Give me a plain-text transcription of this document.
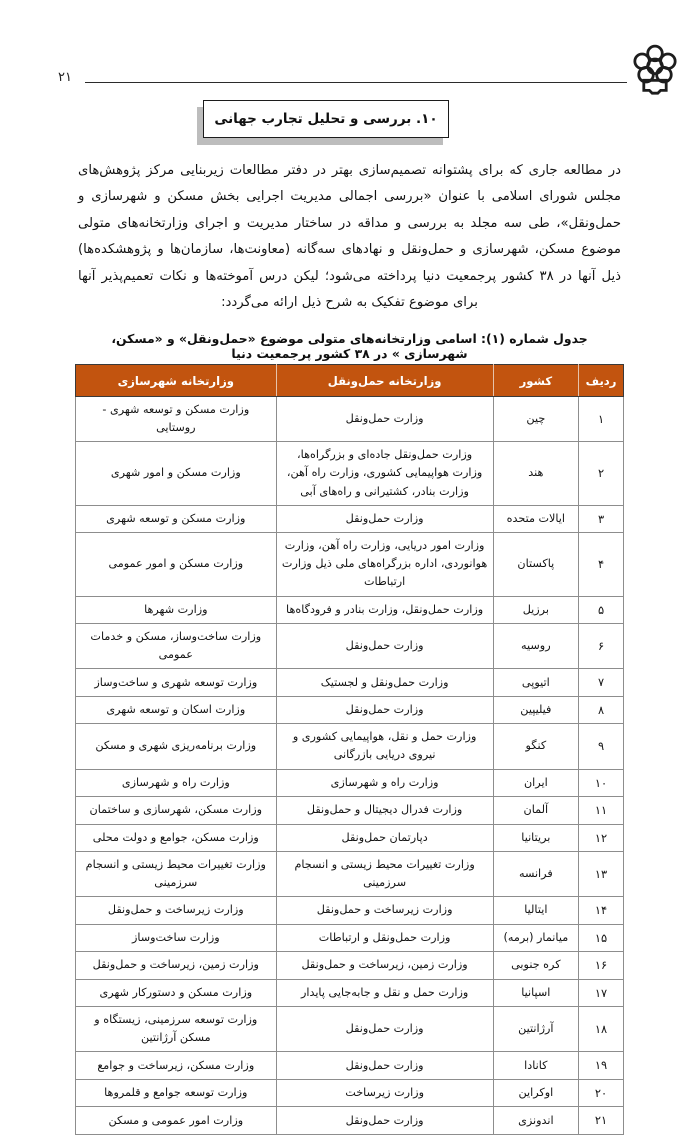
۲۱
۱۰. بررسی و تحلیل تجارب جهانی

در مطالعه جاری که برای پشتوانه تصمیم‌سازی بهتر در دفتر مطالعات زیربنایی مرکز پژوهش‌های مجلس شورای اسلامی با عنوان «بررسی اجمالی مدیریت اجرایی بخش مسکن و شهرسازی و حمل‌ونقل»، طی سه مجلد به بررسی و مداقه در ساختار مدیریت و اجرای وزارتخانه‌های متولی موضوع مسکن، شهرسازی و حمل‌ونقل و نهادهای سه‌گانه (معاونت‌ها، سازمان‌ها و پژوهشکده‌ها) ذیل آنها در ۳۸ کشور پرجمعیت دنیا پرداخته می‌شود؛ لیکن درس آموخته‌ها و نکات تعمیم‌پذیر آنها برای موضوع تفکیک به شرح ذیل ارائه می‌گردد:

جدول شماره (۱): اسامی وزارتخانه‌های متولی موضوع «حمل‌ونقل» و «مسکن، شهرسازی » در ۳۸ کشور پرجمعیت دنیا
ردیف	کشور	وزارتخانه حمل‌ونقل	وزارتخانه شهرسازی
۱	چین	وزارت حمل‌ونقل	وزارت مسکن و توسعه شهری - روستایی
۲	هند	وزارت حمل‌ونقل جاده‌ای و بزرگراه‌ها، وزارت هواپیمایی کشوری، وزارت راه آهن، وزارت بنادر، کشتیرانی و راه‌های آبی	وزارت مسکن و امور شهری
۳	ایالات متحده	وزارت حمل‌ونقل	وزارت مسکن و توسعه شهری
۴	پاکستان	وزارت امور دریایی، وزارت راه آهن، وزارت هوانوردی، اداره بزرگراه‌های ملی ذیل وزارت ارتباطات	وزارت مسکن و امور عمومی
۵	برزیل	وزارت حمل‌ونقل، وزارت بنادر و فرودگاه‌ها	وزارت شهرها
۶	روسیه	وزارت حمل‌ونقل	وزارت ساخت‌وساز، مسکن و خدمات عمومی
۷	اتیوپی	وزارت حمل‌ونقل و لجستیک	وزارت توسعه شهری و ساخت‌وساز
۸	فیلیپین	وزارت حمل‌ونقل	وزارت اسکان و توسعه شهری
۹	کنگو	وزارت حمل و نقل، هواپیمایی کشوری و نیروی دریایی بازرگانی	وزارت برنامه‌ریزی شهری و مسکن
۱۰	ایران	وزارت راه و شهرسازی	وزارت راه و شهرسازی
۱۱	آلمان	وزارت فدرال دیجیتال و حمل‌ونقل	وزارت مسکن، شهرسازی و ساختمان
۱۲	بریتانیا	دپارتمان حمل‌ونقل	وزارت مسکن، جوامع و دولت محلی
۱۳	فرانسه	وزارت تغییرات محیط زیستی و انسجام سرزمینی	وزارت تغییرات محیط زیستی و انسجام سرزمینی
۱۴	ایتالیا	وزارت زیرساخت و حمل‌ونقل	وزارت زیرساخت و حمل‌ونقل
۱۵	میانمار (برمه)	وزارت حمل‌ونقل و ارتباطات	وزارت ساخت‌وساز
۱۶	کره جنوبی	وزارت زمین، زیرساخت و حمل‌ونقل	وزارت زمین، زیرساخت و حمل‌ونقل
۱۷	اسپانیا	وزارت حمل و نقل و جابه‌جایی پایدار	وزارت مسکن و دستورکار شهری
۱۸	آرژانتین	وزارت حمل‌ونقل	وزارت توسعه سرزمینی، زیستگاه و مسکن آرژانتین
۱۹	کانادا	وزارت حمل‌ونقل	وزارت مسکن، زیرساخت و جوامع
۲۰	اوکراین	وزارت زیرساخت	وزارت توسعه جوامع و قلمروها
۲۱	اندونزی	وزارت حمل‌ونقل	وزارت امور عمومی و مسکن
